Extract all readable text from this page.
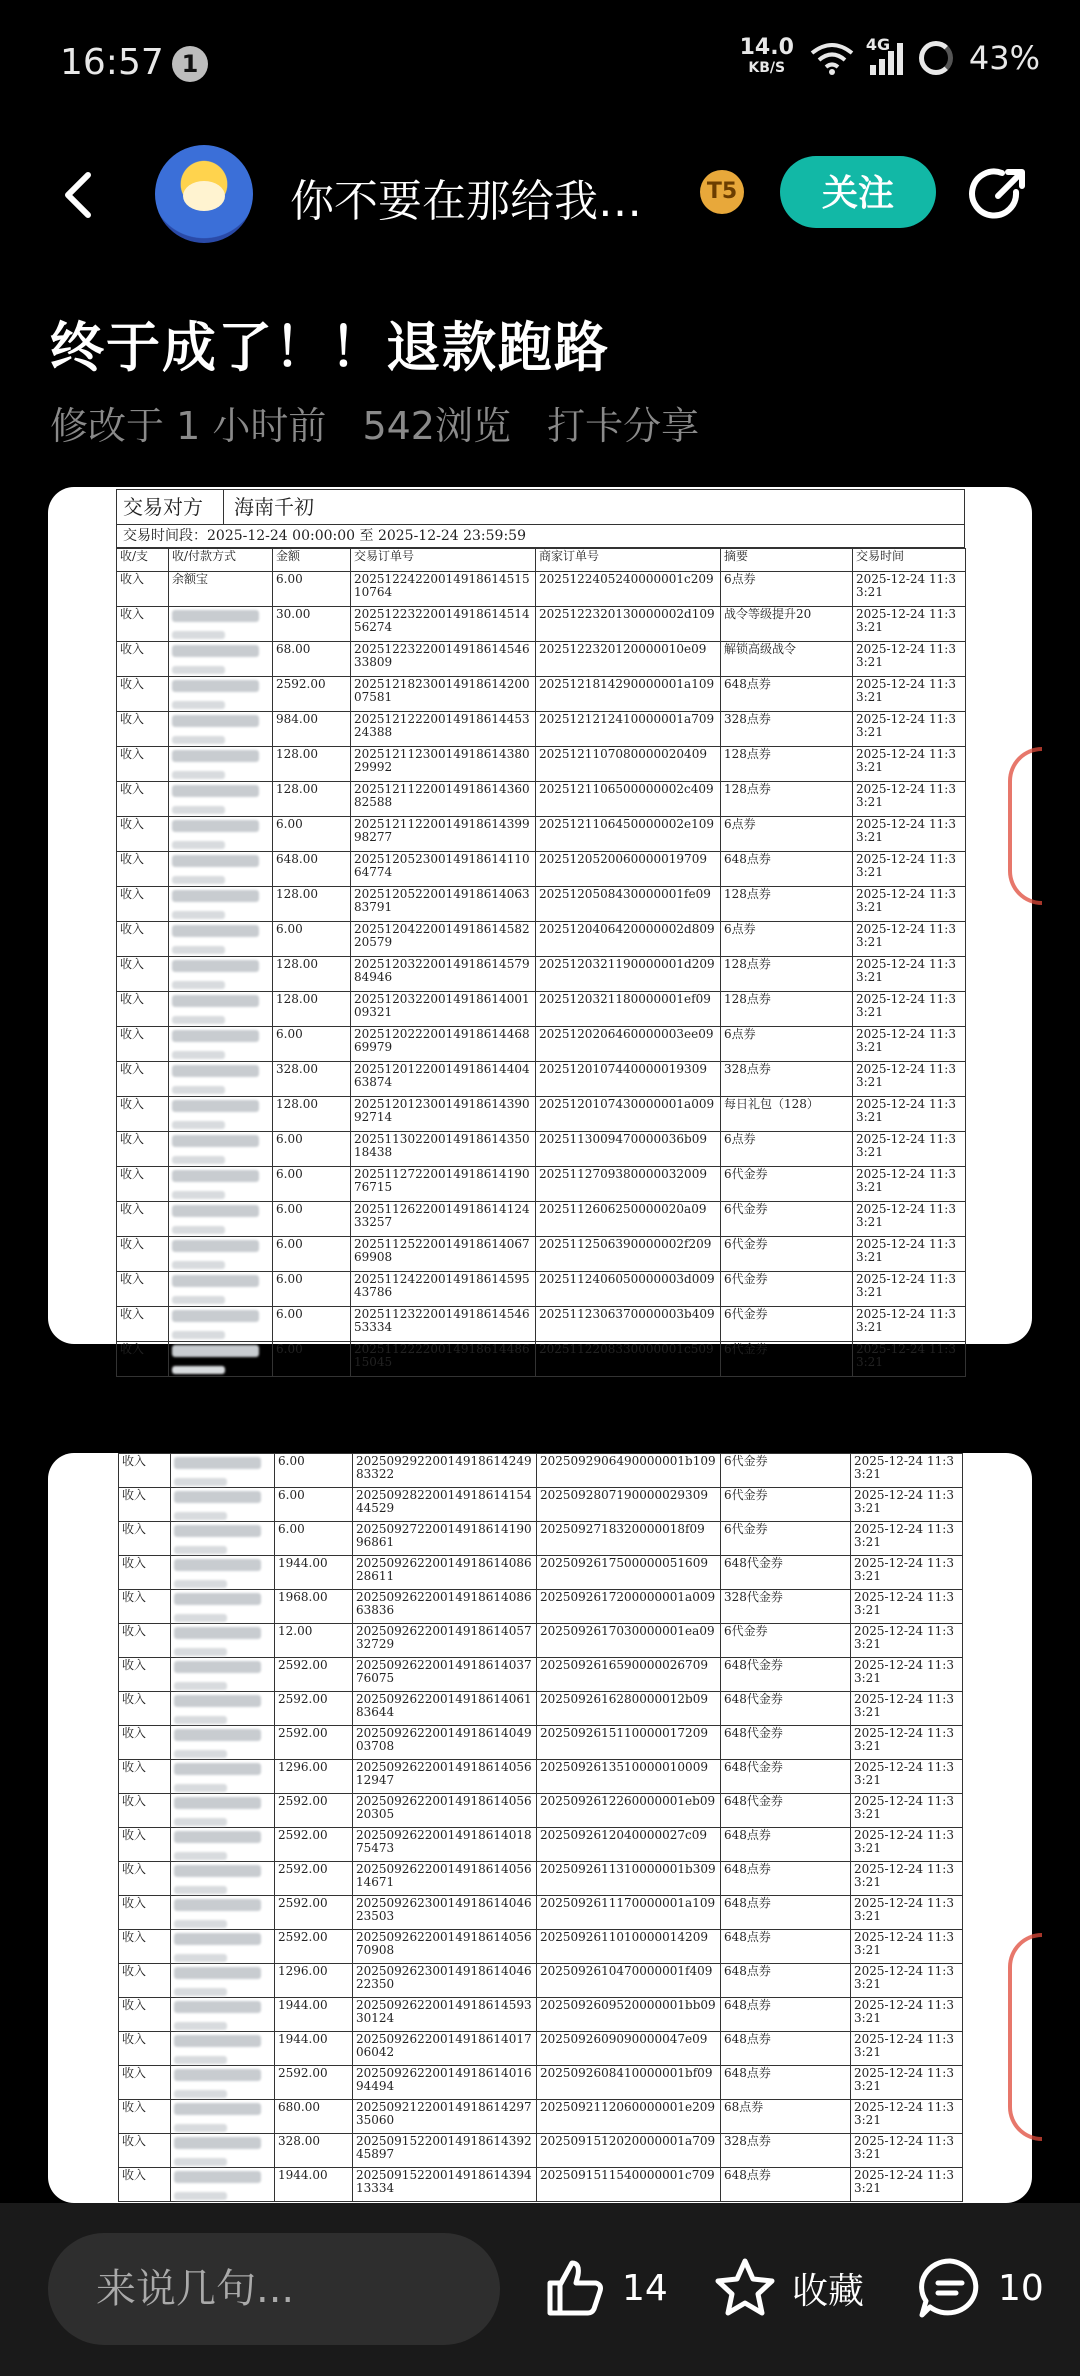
16:57 1
14.0
KB/S
4G 43%
你不要在那给我…	T5	关注
终于成了！！退款跑路
修改于 1 小时前 542浏览 打卡分享
交易对方 海南千初
交易时间段：2025-12-24 00:00:00 至 2025-12-24 23:59:59
收/支	收/付款方式	金额	交易订单号	商家订单号	摘要	交易时间
收入	余额宝	6.00	2025122422001491861451510764	2025122405240000001c209	6点券	2025-12-24 11:33:21
收入		30.00	2025122322001491861451456274	2025122320130000002d109	战令等级提升20	2025-12-24 11:33:21
收入		68.00	2025122322001491861454633809	2025122320120000010e09	解锁高级战令	2025-12-24 11:33:21
收入		2592.00	2025121823001491861420007581	2025121814290000001a109	648点券	2025-12-24 11:33:21
收入		984.00	2025121222001491861445324388	2025121212410000001a709	328点券	2025-12-24 11:33:21
收入		128.00	2025121123001491861438029992	2025121107080000020409	128点券	2025-12-24 11:33:21
收入		128.00	2025121122001491861436082588	2025121106500000002c409	128点券	2025-12-24 11:33:21
收入		6.00	2025121122001491861439998277	2025121106450000002e109	6点券	2025-12-24 11:33:21
收入		648.00	2025120523001491861411064774	2025120520060000019709	648点券	2025-12-24 11:33:21
收入		128.00	2025120522001491861406383791	2025120508430000001fe09	128点券	2025-12-24 11:33:21
收入		6.00	2025120422001491861458220579	2025120406420000002d809	6点券	2025-12-24 11:33:21
收入		128.00	2025120322001491861457984946	2025120321190000001d209	128点券	2025-12-24 11:33:21
收入		128.00	2025120322001491861400109321	2025120321180000001ef09	128点券	2025-12-24 11:33:21
收入		6.00	2025120222001491861446869979	2025120206460000003ee09	6点券	2025-12-24 11:33:21
收入		328.00	2025120122001491861440463874	2025120107440000019309	328点券	2025-12-24 11:33:21
收入		128.00	2025120123001491861439092714	2025120107430000001a009	每日礼包（128）	2025-12-24 11:33:21
收入		6.00	2025113022001491861435018438	2025113009470000036b09	6点券	2025-12-24 11:33:21
收入		6.00	2025112722001491861419076715	2025112709380000032009	6代金券	2025-12-24 11:33:21
收入		6.00	2025112622001491861412433257	2025112606250000020a09	6代金券	2025-12-24 11:33:21
收入		6.00	2025112522001491861406769908	2025112506390000002f209	6代金券	2025-12-24 11:33:21
收入		6.00	2025112422001491861459543786	2025112406050000003d009	6代金券	2025-12-24 11:33:21
收入		6.00	2025112322001491861454653334	2025112306370000003b409	6代金券	2025-12-24 11:33:21
收入		6.00	2025112222001491861448615045	2025112208330000001c509	6代金券	2025-12-24 11:33:21
收入		6.00	2025092922001491861424983322	2025092906490000001b109	6代金券	2025-12-24 11:33:21
收入		6.00	2025092822001491861415444529	2025092807190000029309	6代金券	2025-12-24 11:33:21
收入		6.00	2025092722001491861419096861	2025092718320000018f09	6代金券	2025-12-24 11:33:21
收入		1944.00	2025092622001491861408628611	2025092617500000051609	648代金券	2025-12-24 11:33:21
收入		1968.00	2025092622001491861408663836	2025092617200000001a009	328代金券	2025-12-24 11:33:21
收入		12.00	2025092622001491861405732729	2025092617030000001ea09	6代金券	2025-12-24 11:33:21
收入		2592.00	2025092622001491861403776075	2025092616590000026709	648代金券	2025-12-24 11:33:21
收入		2592.00	2025092622001491861406183644	2025092616280000012b09	648代金券	2025-12-24 11:33:21
收入		2592.00	2025092622001491861404903708	2025092615110000017209	648代金券	2025-12-24 11:33:21
收入		1296.00	2025092622001491861405612947	2025092613510000010009	648代金券	2025-12-24 11:33:21
收入		2592.00	2025092622001491861405620305	2025092612260000001eb09	648代金券	2025-12-24 11:33:21
收入		2592.00	2025092622001491861401875473	2025092612040000027c09	648点券	2025-12-24 11:33:21
收入		2592.00	2025092622001491861405614671	2025092611310000001b309	648点券	2025-12-24 11:33:21
收入		2592.00	2025092623001491861404623503	2025092611170000001a109	648点券	2025-12-24 11:33:21
收入		2592.00	2025092622001491861405670908	2025092611010000014209	648点券	2025-12-24 11:33:21
收入		1296.00	2025092623001491861404622350	2025092610470000001f409	648点券	2025-12-24 11:33:21
收入		1944.00	2025092622001491861459330124	2025092609520000001bb09	648点券	2025-12-24 11:33:21
收入		1944.00	2025092622001491861401706042	2025092609090000047e09	648点券	2025-12-24 11:33:21
收入		2592.00	2025092622001491861401694494	2025092608410000001bf09	648点券	2025-12-24 11:33:21
收入		680.00	2025092122001491861429735060	2025092112060000001e209	68点券	2025-12-24 11:33:21
收入		328.00	2025091522001491861439245897	2025091512020000001a709	328点券	2025-12-24 11:33:21
收入		1944.00	2025091522001491861439413334	2025091511540000001c709	648点券	2025-12-24 11:33:21
来说几句...	14	收藏	10
